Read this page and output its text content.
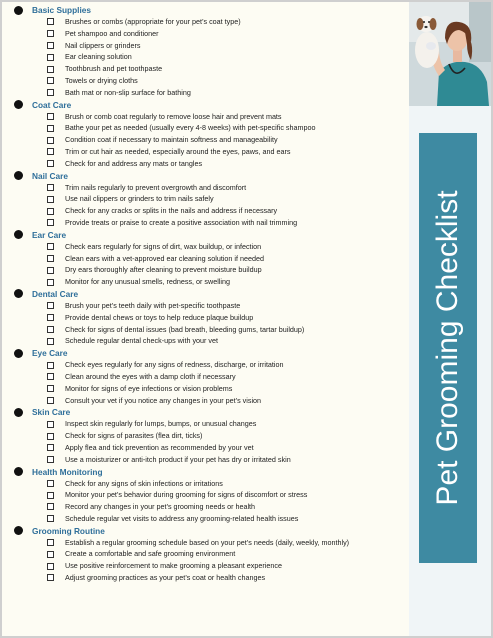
Basic Supplies
Brushes or combs (appropriate for your pet’s coat type)
Pet shampoo and conditioner
Nail clippers or grinders
Ear cleaning solution
Toothbrush and pet toothpaste
Towels or drying cloths
Bath mat or non-slip surface for bathing
Coat Care
Brush or comb coat regularly to remove loose hair and prevent mats
Bathe your pet as needed (usually every 4-8 weeks) with pet-specific shampoo
Condition coat if necessary to maintain softness and manageability
Trim or cut hair as needed, especially around the eyes, paws, and ears
Check for and address any mats or tangles
Nail Care
Trim nails regularly to prevent overgrowth and discomfort
Use nail clippers or grinders to trim nails safely
Check for any cracks or splits in the nails and address if necessary
Provide treats or praise to create a positive association with nail trimming
Ear Care
Check ears regularly for signs of dirt, wax buildup, or infection
Clean ears with a vet-approved ear cleaning solution if needed
Dry ears thoroughly after cleaning to prevent moisture buildup
Monitor for any unusual smells, redness, or swelling
Dental Care
Brush your pet’s teeth daily with pet-specific toothpaste
Provide dental chews or toys to help reduce plaque buildup
Check for signs of dental issues (bad breath, bleeding gums, tartar buildup)
Schedule regular dental check-ups with your vet
Eye Care
Check eyes regularly for any signs of redness, discharge, or irritation
Clean around the eyes with a damp cloth if necessary
Monitor for signs of eye infections or vision problems
Consult your vet if you notice any changes in your pet’s vision
Skin Care
Inspect skin regularly for lumps, bumps, or unusual changes
Check for signs of parasites (flea dirt, ticks)
Apply flea and tick prevention as recommended by your vet
Use a moisturizer or anti-itch product if your pet has dry or irritated skin
Health Monitoring
Check for any signs of skin infections or irritations
Monitor your pet’s behavior during grooming for signs of discomfort or stress
Record any changes in your pet’s grooming needs or health
Schedule regular vet visits to address any grooming-related health issues
Grooming Routine
Establish a regular grooming schedule based on your pet’s needs (daily, weekly, monthly)
Create a comfortable and safe grooming environment
Use positive reinforcement to make grooming a pleasant experience
Adjust grooming practices as your pet’s coat or health changes
Pet Grooming Checklist
